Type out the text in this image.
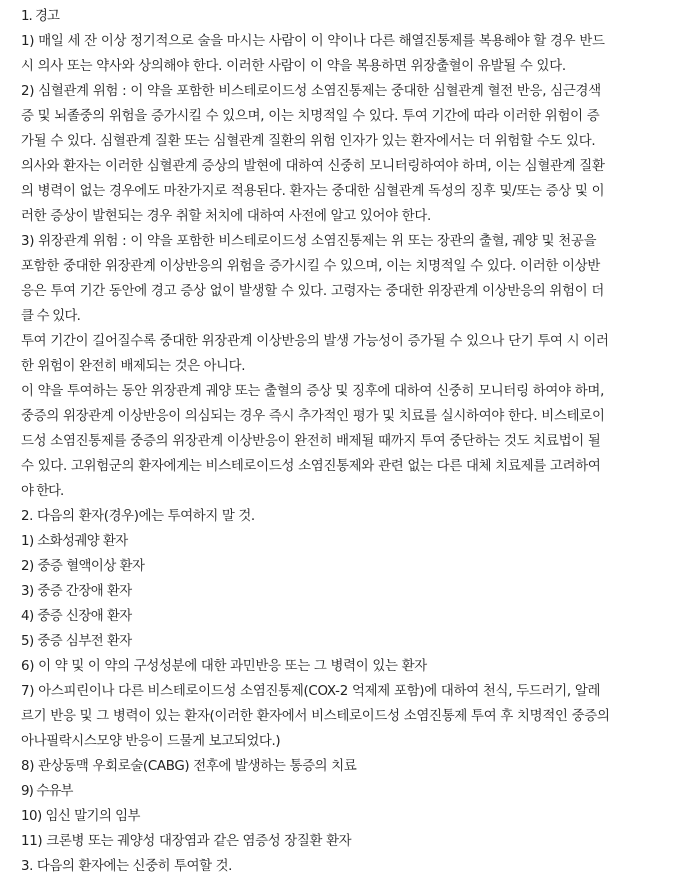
1. 경고
1) 매일 세 잔 이상 정기적으로 술을 마시는 사람이 이 약이나 다른 해열진통제를 복용해야 할 경우 반드
시 의사 또는 약사와 상의해야 한다. 이러한 사람이 이 약을 복용하면 위장출혈이 유발될 수 있다.
2) 심혈관계 위험 : 이 약을 포함한 비스테로이드성 소염진통제는 중대한 심혈관계 혈전 반응, 심근경색
증 및 뇌졸중의 위험을 증가시킬 수 있으며, 이는 치명적일 수 있다. 투여 기간에 따라 이러한 위험이 증
가될 수 있다. 심혈관계 질환 또는 심혈관계 질환의 위험 인자가 있는 환자에서는 더 위험할 수도 있다.
의사와 환자는 이러한 심혈관계 증상의 발현에 대하여 신중히 모니터링하여야 하며, 이는 심혈관계 질환
의 병력이 없는 경우에도 마찬가지로 적용된다. 환자는 중대한 심혈관계 독성의 징후 및/또는 증상 및 이
러한 증상이 발현되는 경우 취할 처치에 대하여 사전에 알고 있어야 한다.
3) 위장관계 위험 : 이 약을 포함한 비스테로이드성 소염진통제는 위 또는 장관의 출혈, 궤양 및 천공을
포함한 중대한 위장관계 이상반응의 위험을 증가시킬 수 있으며, 이는 치명적일 수 있다. 이러한 이상반
응은 투여 기간 동안에 경고 증상 없이 발생할 수 있다. 고령자는 중대한 위장관계 이상반응의 위험이 더
클 수 있다.
투여 기간이 길어질수록 중대한 위장관계 이상반응의 발생 가능성이 증가될 수 있으나 단기 투여 시 이러
한 위험이 완전히 배제되는 것은 아니다.
이 약을 투여하는 동안 위장관계 궤양 또는 출혈의 증상 및 징후에 대하여 신중히 모니터링 하여야 하며,
중증의 위장관계 이상반응이 의심되는 경우 즉시 추가적인 평가 및 치료를 실시하여야 한다. 비스테로이
드성 소염진통제를 중증의 위장관계 이상반응이 완전히 배제될 때까지 투여 중단하는 것도 치료법이 될
수 있다. 고위험군의 환자에게는 비스테로이드성 소염진통제와 관련 없는 다른 대체 치료제를 고려하여
야 한다.
2. 다음의 환자(경우)에는 투여하지 말 것.
1) 소화성궤양 환자
2) 중증 혈액이상 환자
3) 중증 간장애 환자
4) 중증 신장애 환자
5) 중증 심부전 환자
6) 이 약 및 이 약의 구성성분에 대한 과민반응 또는 그 병력이 있는 환자
7) 아스피린이나 다른 비스테로이드성 소염진통제(COX-2 억제제 포함)에 대하여 천식, 두드러기, 알레
르기 반응 및 그 병력이 있는 환자(이러한 환자에서 비스테로이드성 소염진통제 투여 후 치명적인 중증의
아나필락시스모양 반응이 드물게 보고되었다.)
8) 관상동맥 우회로술(CABG) 전후에 발생하는 통증의 치료
9) 수유부
10) 임신 말기의 임부
11) 크론병 또는 궤양성 대장염과 같은 염증성 장질환 환자
3. 다음의 환자에는 신중히 투여할 것.
